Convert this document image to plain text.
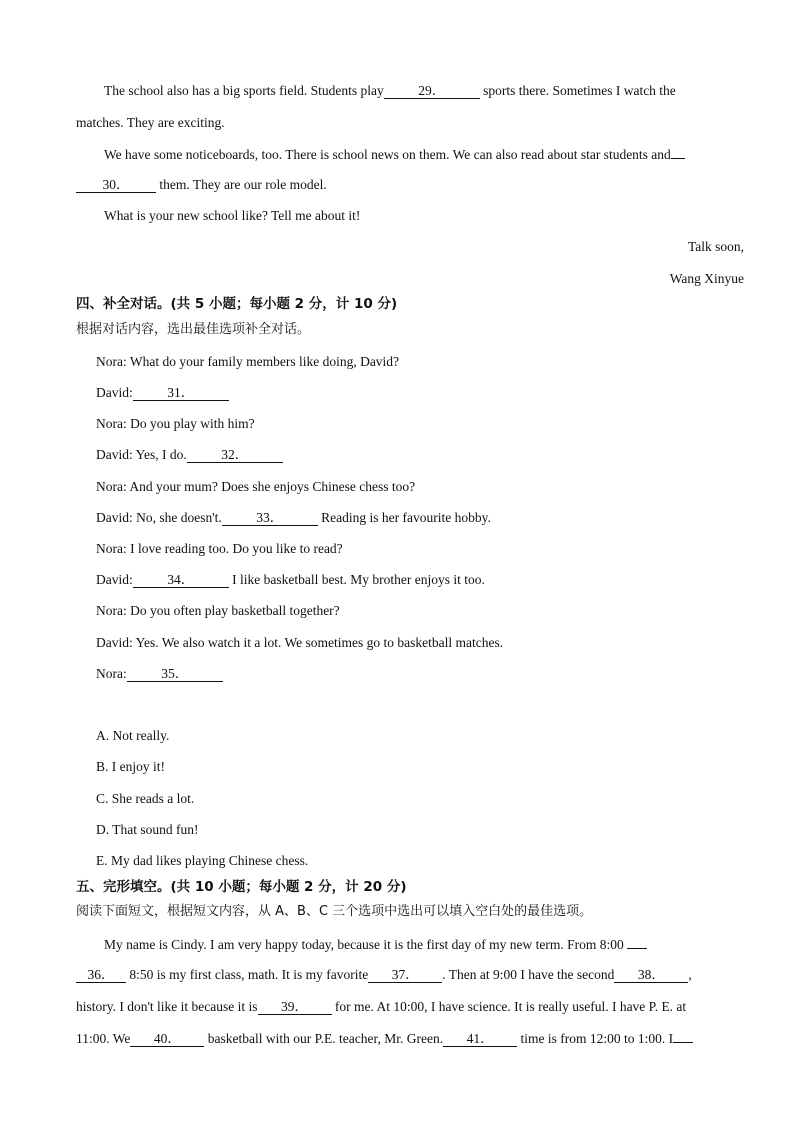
The school also has a big sports field. Students play	29．	sports there. Sometimes I watch the
matches. They are exciting.
We have some noticeboards, too. There is school news on them. We can also read about star students and
30． them. They are our role model.
What is your new school like? Tell me about it!
Talk soon,
Wang Xinyue
四、补全对话。(共 5 小题；每小题 2 分，计 10 分)
根据对话内容，选出最佳选项补全对话。
Nora: What do your family members like doing, David?
David:	31．
Nora: Do you play with him?
David: Yes, I do.	32．
Nora: And your mum? Does she enjoys Chinese chess too?
David: No, she doesn't.	33．	Reading is her favourite hobby.
Nora: I love reading too. Do you like to read?
David:	34．	I like basketball best. My brother enjoys it too.
Nora: Do you often play basketball together?
David: Yes. We also watch it a lot. We sometimes go to basketball matches.
Nora:	35．
A. Not really.
B. I enjoy it!
C. She reads a lot.
D. That sound fun!
E. My dad likes playing Chinese chess.
五、完形填空。(共 10 小题；每小题 2 分，计 20 分)
阅读下面短文，根据短文内容，从 A、B、C 三个选项中选出可以填入空白处的最佳选项。
My name is Cindy. I am very happy today, because it is the first day of my new term. From 8:00
36． 8:50 is my first class, math. It is my favorite 37． . Then at 9:00 I have the second 38． ,
history. I don't like it because it is 39． for me. At 10:00, I have science. It is really useful. I have P. E. at
11:00. We 40． basketball with our P.E. teacher, Mr. Green. 41． time is from 12:00 to 1:00. I
